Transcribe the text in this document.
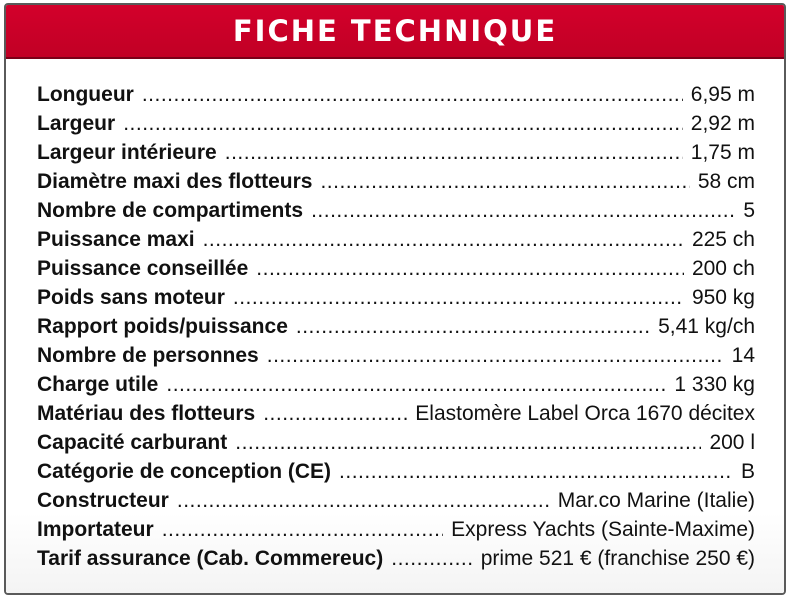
FICHE TECHNIQUE
Longueur .....	6,95 m
Largeur .....	2,92 m
Largeur intérieure .....	1,75 m
Diamètre maxi des flotteurs .....	58 cm
Nombre de compartiments .....	5
Puissance maxi .....	225 ch
Puissance conseillée .....	200 ch
Poids sans moteur .....	950 kg
Rapport poids/puissance .....	5,41 kg/ch
Nombre de personnes .....	14
Charge utile .....	1 330 kg
Matériau des flotteurs .....	Elastomère Label Orca 1670 décitex
Capacité carburant .....	200 l
Catégorie de conception (CE) .....	B
Constructeur .....	Mar.co Marine (Italie)
Importateur .....	Express Yachts (Sainte-Maxime)
Tarif assurance (Cab. Commereuc) .....	prime 521 € (franchise 250 €)
